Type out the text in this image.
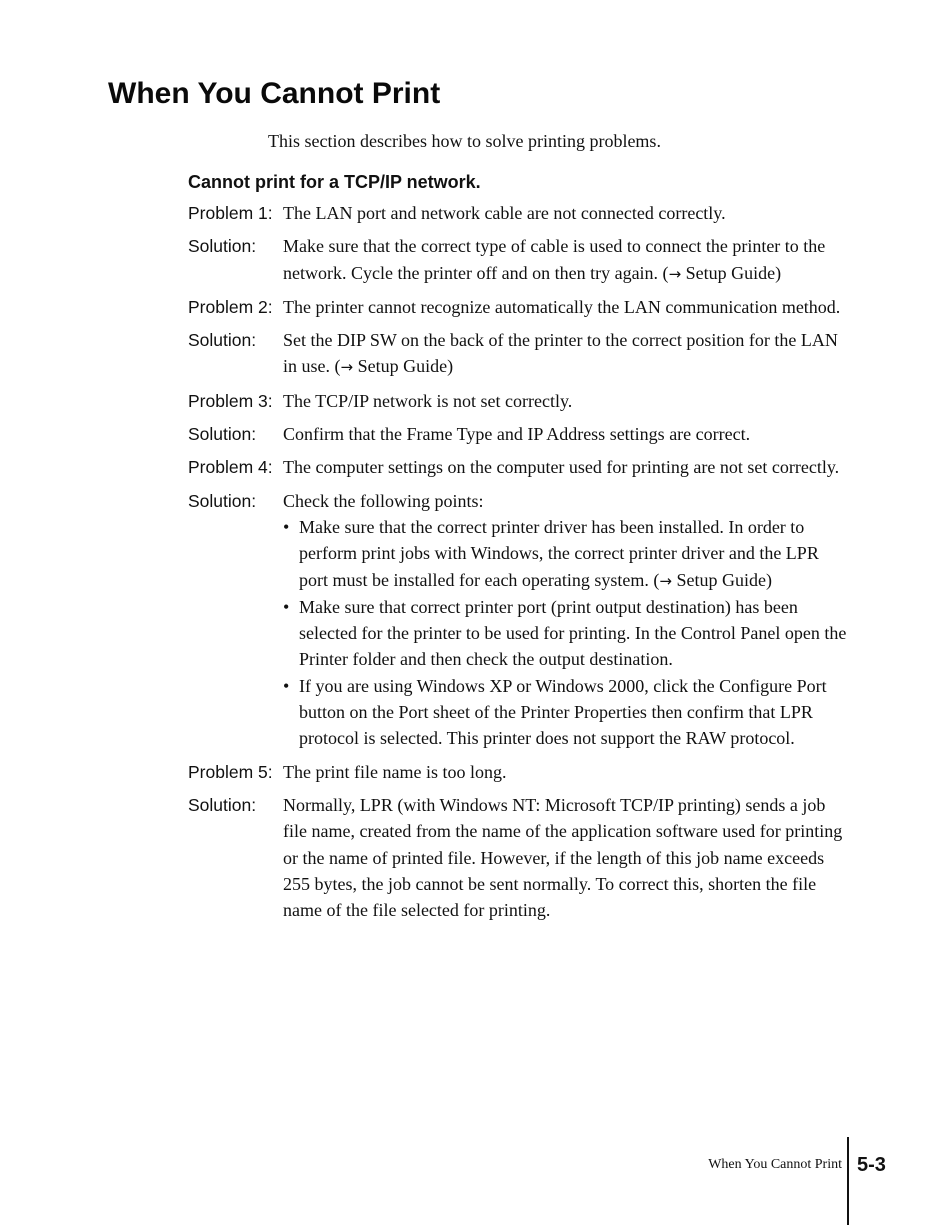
When You Cannot Print

This section describes how to solve printing problems.

Cannot print for a TCP/IP network.
Problem 1: The LAN port and network cable are not connected correctly.
Solution:	Make sure that the correct type of cable is used to connect the printer to the network. Cycle the printer off and on then try again. (→ Setup Guide)
Problem 2: The printer cannot recognize automatically the LAN communication method.
Solution:	Set the DIP SW on the back of the printer to the correct position for the LAN in use. (→ Setup Guide)
Problem 3: The TCP/IP network is not set correctly.
Solution:	Confirm that the Frame Type and IP Address settings are correct.
Problem 4: The computer settings on the computer used for printing are not set correctly.
Solution:	Check the following points:

• Make sure that the correct printer driver has been installed. In order to perform print jobs with Windows, the correct printer driver and the LPR port must be installed for each operating system. (→ Setup Guide)
• Make sure that correct printer port (print output destination) has been selected for the printer to be used for printing. In the Control Panel open the Printer folder and then check the output destination.
• If you are using Windows XP or Windows 2000, click the Configure Port button on the Port sheet of the Printer Properties then confirm that LPR protocol is selected. This printer does not support the RAW protocol.
Problem 5: The print file name is too long.
Solution:	Normally, LPR (with Windows NT: Microsoft TCP/IP printing) sends a job file name, created from the name of the application software used for printing or the name of printed file. However, if the length of this job name exceeds 255 bytes, the job cannot be sent normally. To correct this, shorten the file name of the file selected for printing.
When You Cannot Print 5-3
